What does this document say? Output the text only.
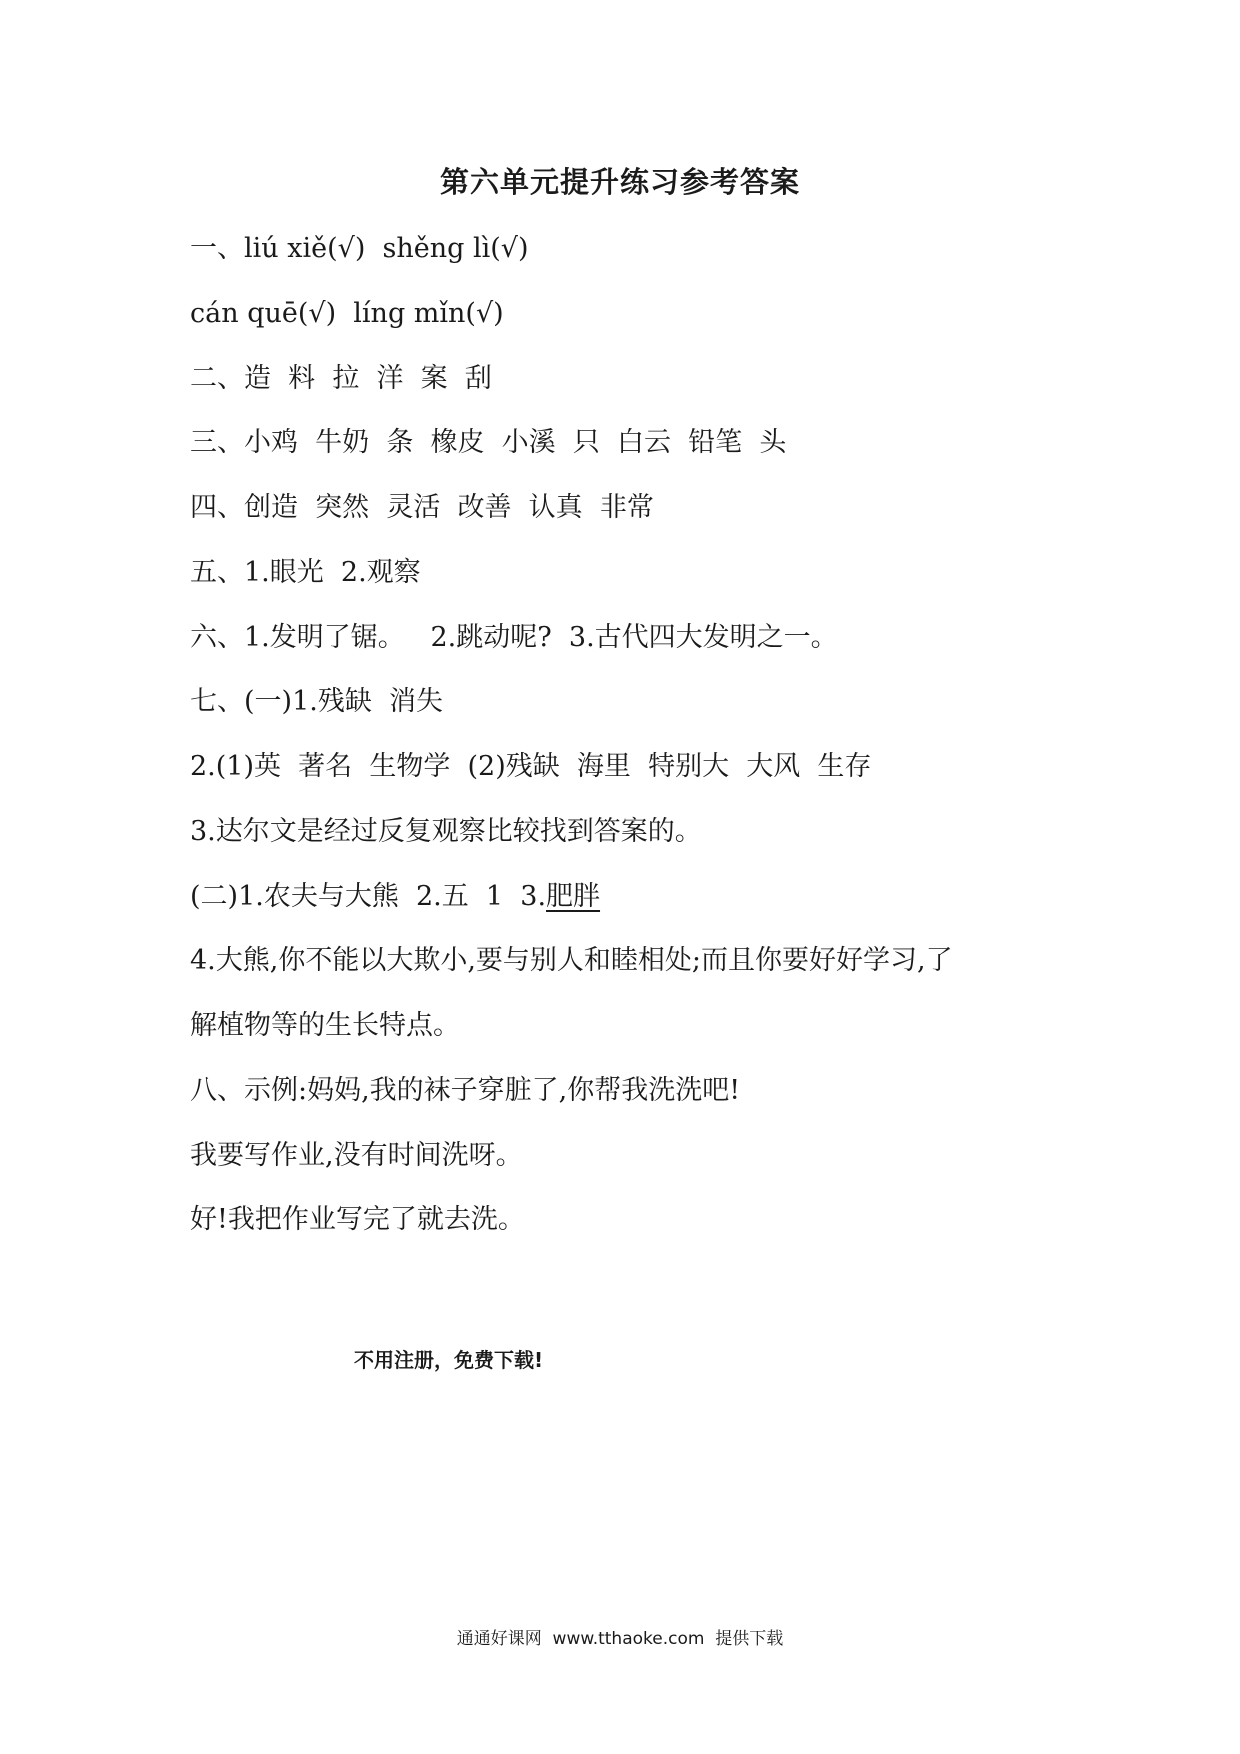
第六单元提升练习参考答案
一、liú xiě(√)  shěng lì(√)
cán quē(√)  líng mǐn(√)
二、造  料  拉  洋  案  刮
三、小鸡  牛奶  条  橡皮  小溪  只  白云  铅笔  头
四、创造  突然  灵活  改善  认真  非常
五、1.眼光  2.观察
六、1.发明了锯。   2.跳动呢?  3.古代四大发明之一。
七、(一)1.残缺  消失
2.(1)英  著名  生物学  (2)残缺  海里  特别大  大风  生存
3.达尔文是经过反复观察比较找到答案的。
(二)1.农夫与大熊  2.五  1  3.肥胖
4.大熊,你不能以大欺小,要与别人和睦相处;而且你要好好学习,了
解植物等的生长特点。
八、示例:妈妈,我的袜子穿脏了,你帮我洗洗吧!
我要写作业,没有时间洗呀。
好!我把作业写完了就去洗。
不用注册，免费下载!
通通好课网  www.tthaoke.com  提供下载
